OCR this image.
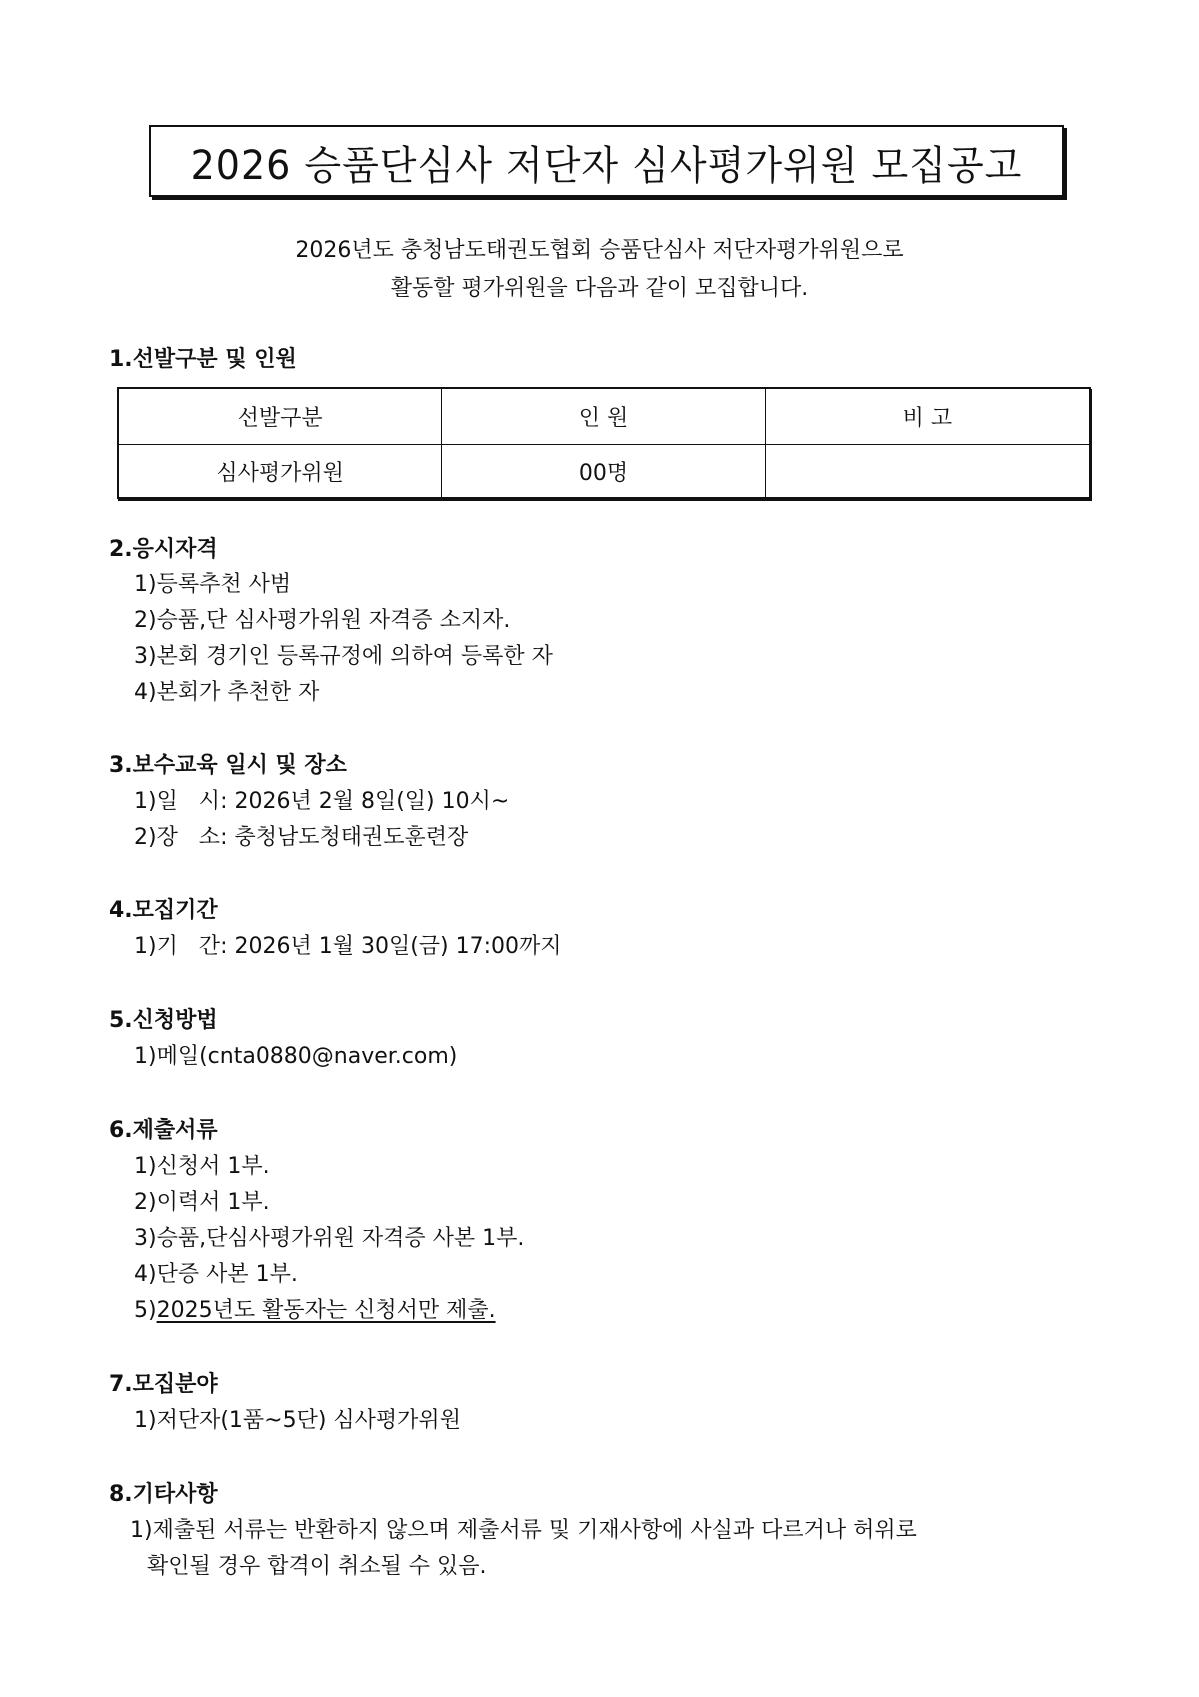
2026 승품단심사 저단자 심사평가위원 모집공고
2026년도 충청남도태권도협회 승품단심사 저단자평가위원으로
활동할 평가위원을 다음과 같이 모집합니다.
1.선발구분 및 인원
선발구분	인 원	비 고
심사평가위원	00명	
2.응시자격
1)등록추천 사범
2)승품,단 심사평가위원 자격증 소지자.
3)본회 경기인 등록규정에 의하여 등록한 자
4)본회가 추천한 자
3.보수교육 일시 및 장소
1)일   시: 2026년 2월 8일(일) 10시~
2)장   소: 충청남도청태권도훈련장
4.모집기간
1)기   간: 2026년 1월 30일(금) 17:00까지
5.신청방법
1)메일(cnta0880@naver.com)
6.제출서류
1)신청서 1부.
2)이력서 1부.
3)승품,단심사평가위원 자격증 사본 1부.
4)단증 사본 1부.
5)2025년도 활동자는 신청서만 제출.
7.모집분야
1)저단자(1품~5단) 심사평가위원
8.기타사항
1)제출된 서류는 반환하지 않으며 제출서류 및 기재사항에 사실과 다르거나 허위로
확인될 경우 합격이 취소될 수 있음.
